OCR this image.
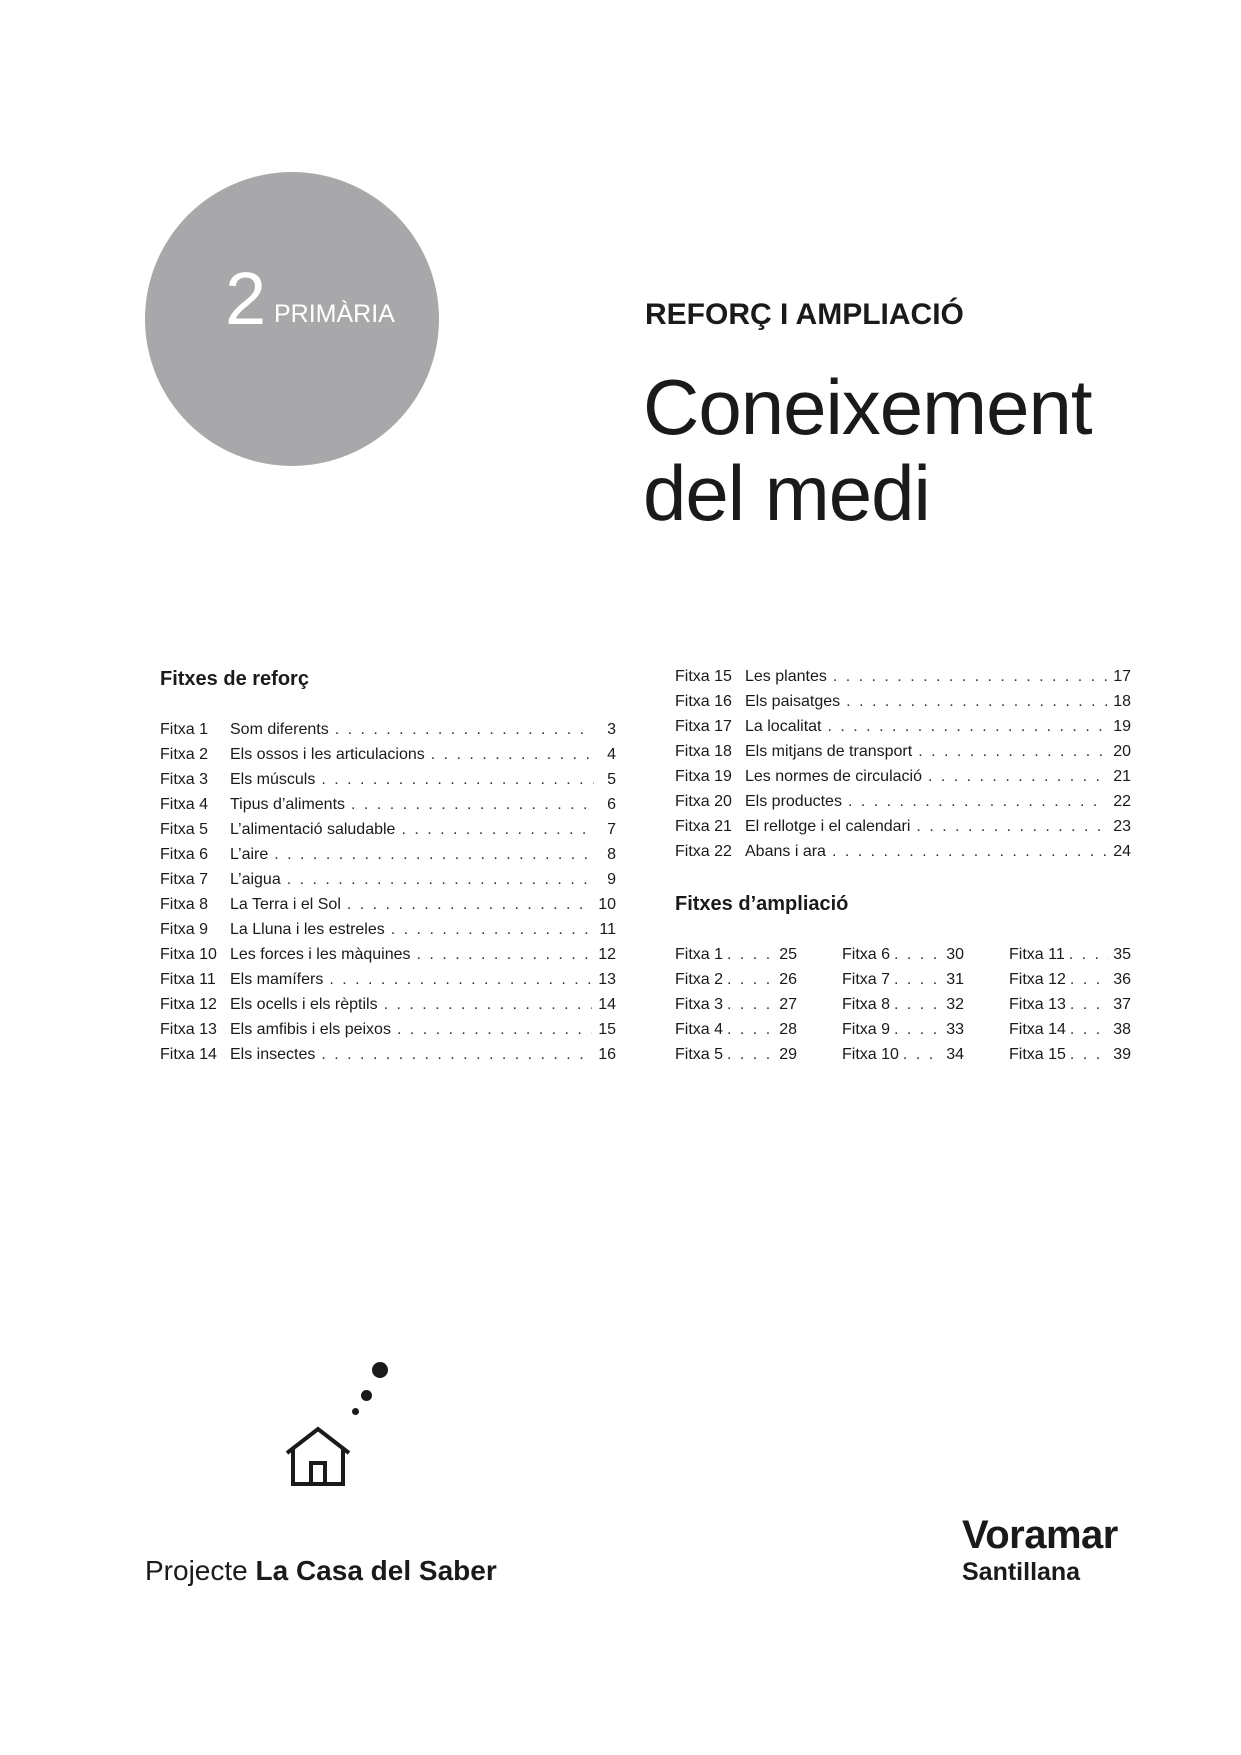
2 PRIMÀRIA	REFORÇ I AMPLIACIÓ
Coneixement
del medi
Fitxes de reforç
Fitxa 1	Som diferents . . .	3
Fitxa 2	Els ossos i les articulacions . . .	4
Fitxa 3	Els músculs . . .	5
Fitxa 4	Tipus d’aliments . . .	6
Fitxa 5	L’alimentació saludable . . .	7
Fitxa 6	L’aire . . .	8
Fitxa 7	L’aigua . . .	9
Fitxa 8	La Terra i el Sol . . .	10
Fitxa 9	La Lluna i les estreles . . .	11
Fitxa 10 Les forces i les màquines . . .	12
Fitxa 11 Els mamífers . . .	13
Fitxa 12 Els ocells i els rèptils . . .	14
Fitxa 13 Els amfibis i els peixos . . .	15
Fitxa 14 Els insectes . . .	16
Fitxa 15 Les plantes . . .	17
Fitxa 16 Els paisatges . . .	18
Fitxa 17 La localitat . . .	19
Fitxa 18 Els mitjans de transport . . .	20
Fitxa 19 Les normes de circulació . . .	21
Fitxa 20 Els productes . . .	22
Fitxa 21 El rellotge i el calendari . . .	23
Fitxa 22 Abans i ara . . .	24
Fitxes d’ampliació
Fitxa 1 . . .	25
Fitxa 2 . . .	26
Fitxa 3 . . .	27
Fitxa 4 . . .	28
Fitxa 5 . . .	29
Fitxa 6 . . .	30
Fitxa 7 . . .	31
Fitxa 8 . . .	32
Fitxa 9 . . .	33
Fitxa 10 . . .	34
Fitxa 11 . . .	35
Fitxa 12 . . .	36
Fitxa 13 . . .	37
Fitxa 14 . . .	38
Fitxa 15 . . .	39
Projecte La Casa del Saber
Voramar
Santillana
